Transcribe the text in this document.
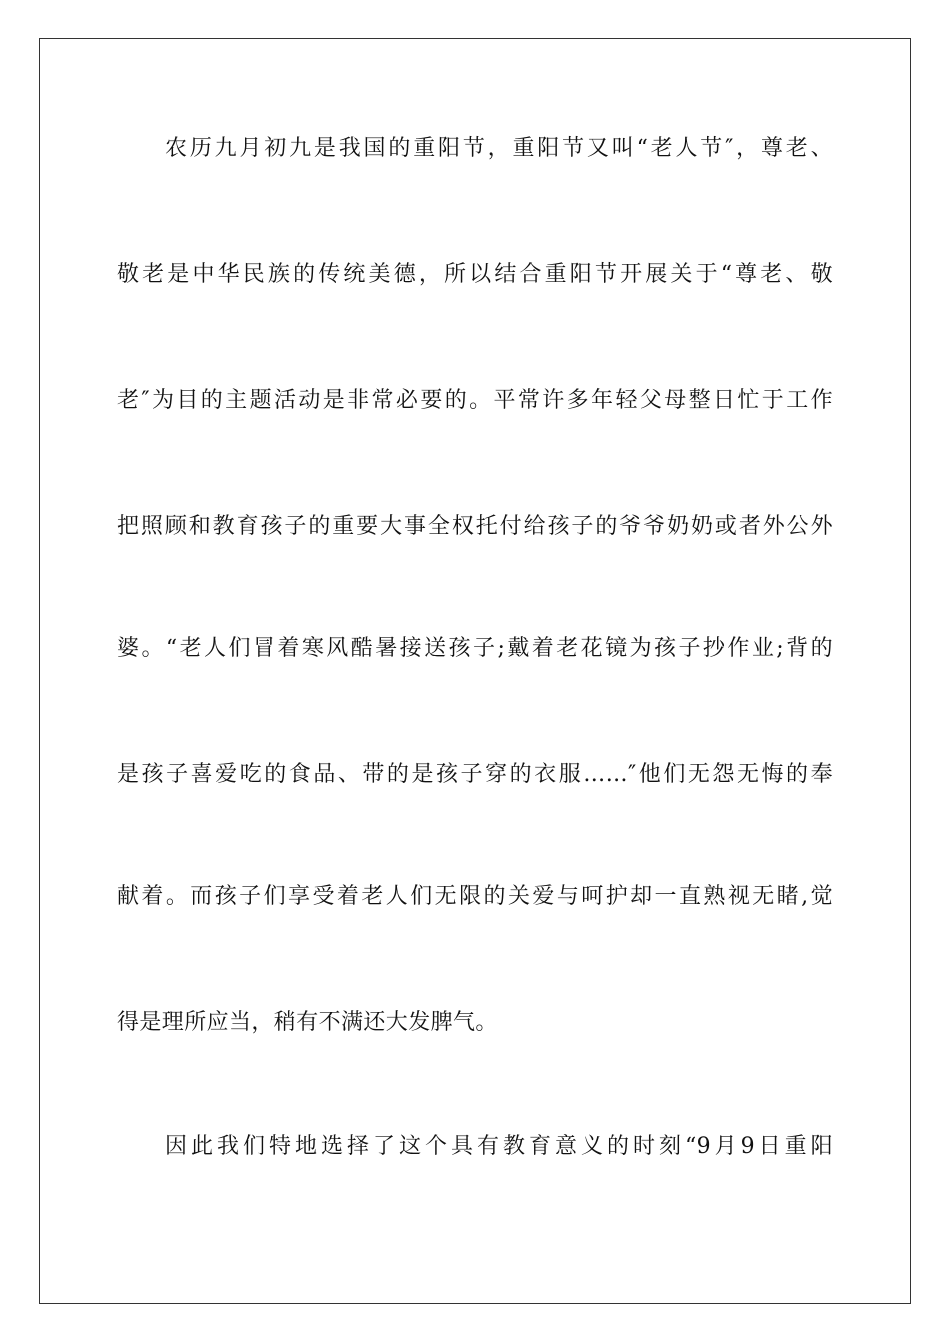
农历九月初九是我国的重阳节，重阳节又叫“老人节″，尊老、
敬老是中华民族的传统美德，所以结合重阳节开展关于“尊老、敬
老″为目的主题活动是非常必要的。平常许多年轻父母整日忙于工作
把照顾和教育孩子的重要大事全权托付给孩子的爷爷奶奶或者外公外
婆。“老人们冒着寒风酷暑接送孩子;戴着老花镜为孩子抄作业;背的
是孩子喜爱吃的食品、带的是孩子穿的衣服……″他们无怨无悔的奉
献着。而孩子们享受着老人们无限的关爱与呵护却一直熟视无睹,觉
得是理所应当，稍有不满还大发脾气。
因此我们特地选择了这个具有教育意义的时刻“9月9日重阳
